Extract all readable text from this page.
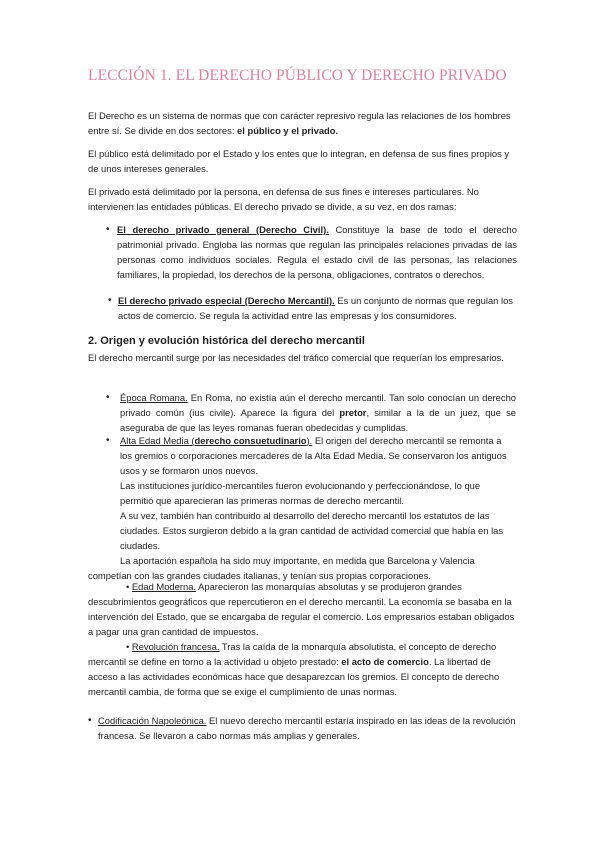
LECCIÓN 1. EL DERECHO PÚBLICO Y DERECHO PRIVADO

El Derecho es un sistema de normas que con carácter represivo regula las relaciones de los hombres entre sí. Se divide en dos sectores: el público y el privado.

El público está delimitado por el Estado y los entes que lo integran, en defensa de sus fines propios y de unos intereses generales.

El privado está delimitado por la persona, en defensa de sus fines e intereses particulares. No intervienen las entidades públicas. El derecho privado se divide, a su vez, en dos ramas:

• El derecho privado general (Derecho Civil). Constituye la base de todo el derecho patrimonial privado. Engloba las normas que regulan las principales relaciones privadas de las personas como individuos sociales. Regula el estado civil de las personas, las relaciones familiares, la propiedad, los derechos de la persona, obligaciones, contratos o derechos.

• El derecho privado especial (Derecho Mercantil). Es un conjunto de normas que regulan los actos de comercio. Se regula la actividad entre las empresas y los consumidores.

2. Origen y evolución histórica del derecho mercantil

El derecho mercantil surge por las necesidades del tráfico comercial que requerían los empresarios.

• Época Romana. En Roma, no existía aún el derecho mercantil. Tan solo conocían un derecho privado común (ius civile). Aparece la figura del pretor, similar a la de un juez, que se aseguraba de que las leyes romanas fueran obedecidas y cumplidas.

• Alta Edad Media (derecho consuetudinario). El origen del derecho mercantil se remonta a los gremios o corporaciones mercaderes de la Alta Edad Media. Se conservaron los antiguos usos y se formaron unos nuevos.

Las instituciones jurídico-mercantiles fueron evolucionando y perfeccionándose, lo que permitió que aparecieran las primeras normas de derecho mercantil.

A su vez, también han contribuido al desarrollo del derecho mercantil los estatutos de las ciudades. Estos surgieron debido a la gran cantidad de actividad comercial que había en las ciudades.

La aportación española ha sido muy importante, en medida que Barcelona y Valencia competían con las grandes ciudades italianas, y tenían sus propias corporaciones.

• Edad Moderna. Aparecieron las monarquías absolutas y se produjeron grandes descubrimientos geográficos que repercutieron en el derecho mercantil. La economía se basaba en la intervención del Estado, que se encargaba de regular el comercio. Los empresarios estaban obligados a pagar una gran cantidad de impuestos.

• Revolución francesa. Tras la caída de la monarquía absolutista, el concepto de derecho mercantil se define en torno a la actividad u objeto prestado: el acto de comercio. La libertad de acceso a las actividades económicas hace que desaparezcan los gremios. El concepto de derecho mercantil cambia, de forma que se exige el cumplimiento de unas normas.

• Codificación Napoleónica. El nuevo derecho mercantil estaría inspirado en las ideas de la revolución francesa. Se llevaron a cabo normas más amplias y generales.
